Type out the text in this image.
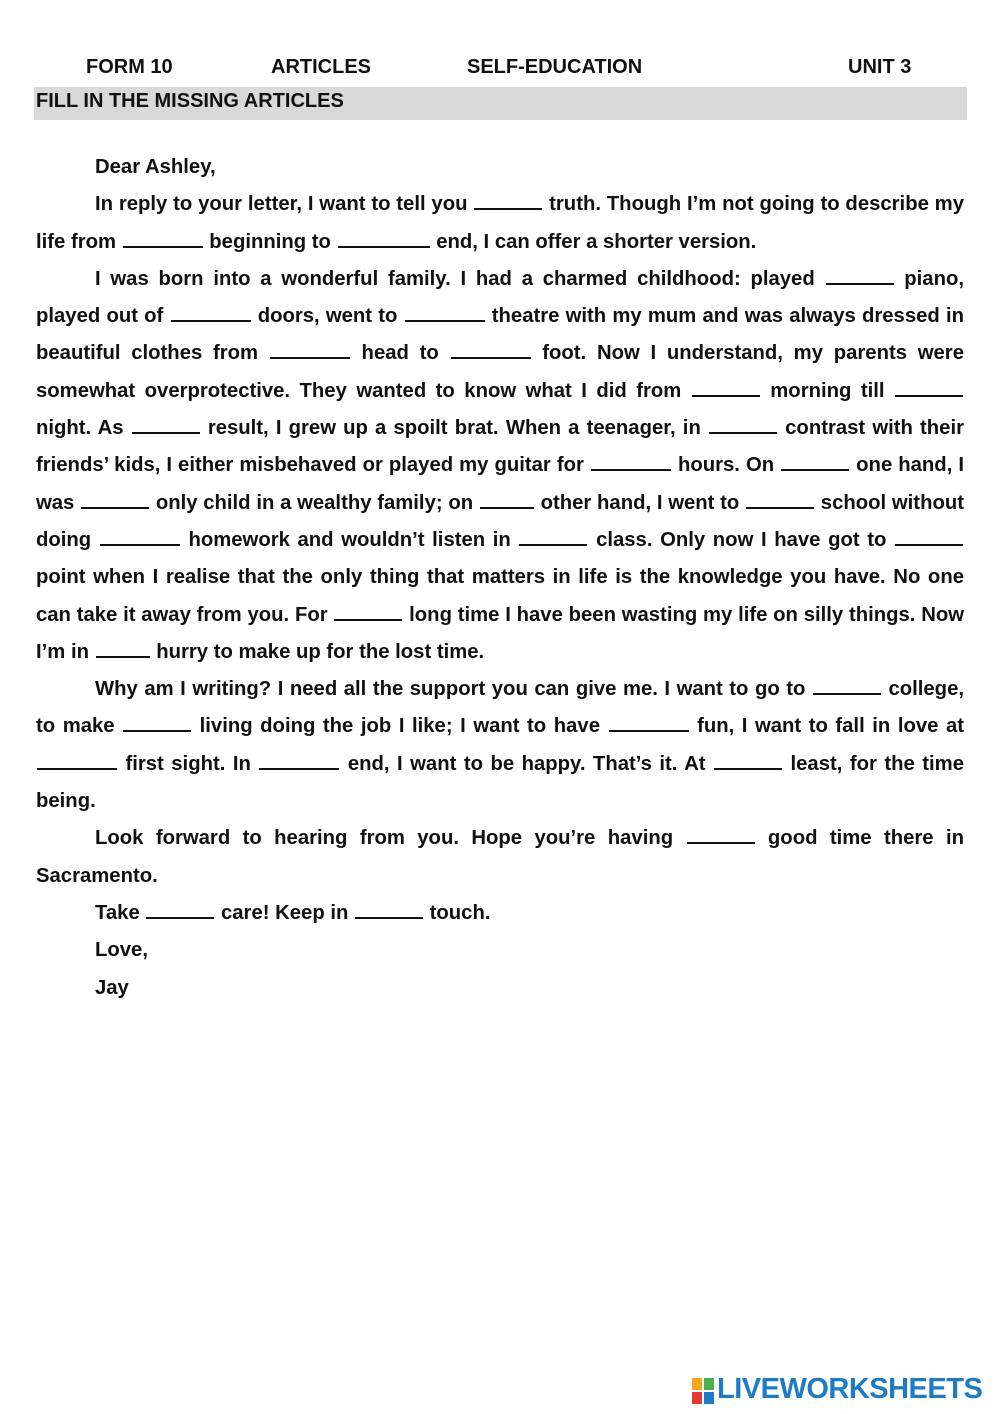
FORM 10	ARTICLES	SELF-EDUCATION	UNIT 3
FILL IN THE MISSING ARTICLES

Dear Ashley,

In reply to your letter, I want to tell you	truth. Though I’m not going to describe my life from	beginning to	end, I can offer a shorter version.

I was born into a wonderful family. I had a charmed childhood: played	piano, played out of	doors, went to	theatre with my mum and was always dressed in beautiful clothes from	head to	foot. Now I understand, my parents were somewhat overprotective. They wanted to know what I did from	morning till  night. As	result, I grew up a spoilt brat. When a teenager, in	contrast with their friends’ kids, I either misbehaved or played my guitar for	hours. On	one hand, I was	only child in a wealthy family; on	other hand, I went to	school without doing	homework and wouldn’t listen in	class. Only now I have got to  point when I realise that the only thing that matters in life is the knowledge you have. No one can take it away from you. For	long time I have been wasting my life on silly things. Now I’m in	hurry to make up for the lost time.

Why am I writing? I need all the support you can give me. I want to go to	college, to make	living doing the job I like; I want to have	fun, I want to fall in love at  first sight. In	end, I want to be happy. That’s it. At	least, for the time being.

Look forward to hearing from you. Hope you’re having	good time there in Sacramento.

Take	care! Keep in	touch.

Love,

Jay

LIVEWORKSHEETS
